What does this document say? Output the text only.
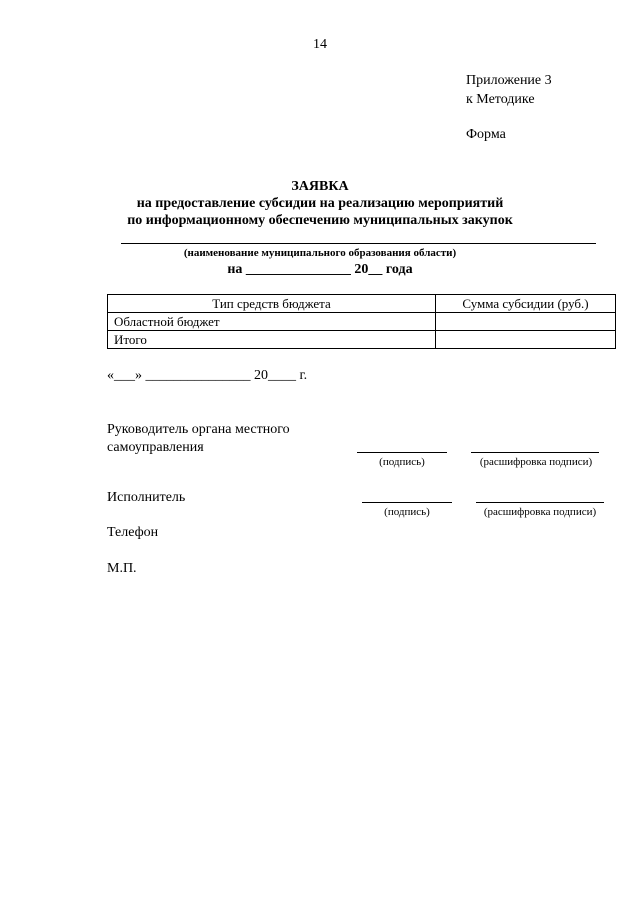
14
Приложение 3
к Методике
Форма
ЗАЯВКА
на предоставление субсидии на реализацию мероприятий
по информационному обеспечению муниципальных закупок
(наименование муниципального образования области)
на _______________ 20__ года
Тип средств бюджета	Сумма субсидии (руб.)
Областной бюджет	
Итого	
«___» _______________ 20____ г.
Руководитель органа местного
самоуправления
(подпись)	(расшифровка подписи)
Исполнитель
(подпись)	(расшифровка подписи)
Телефон
М.П.
